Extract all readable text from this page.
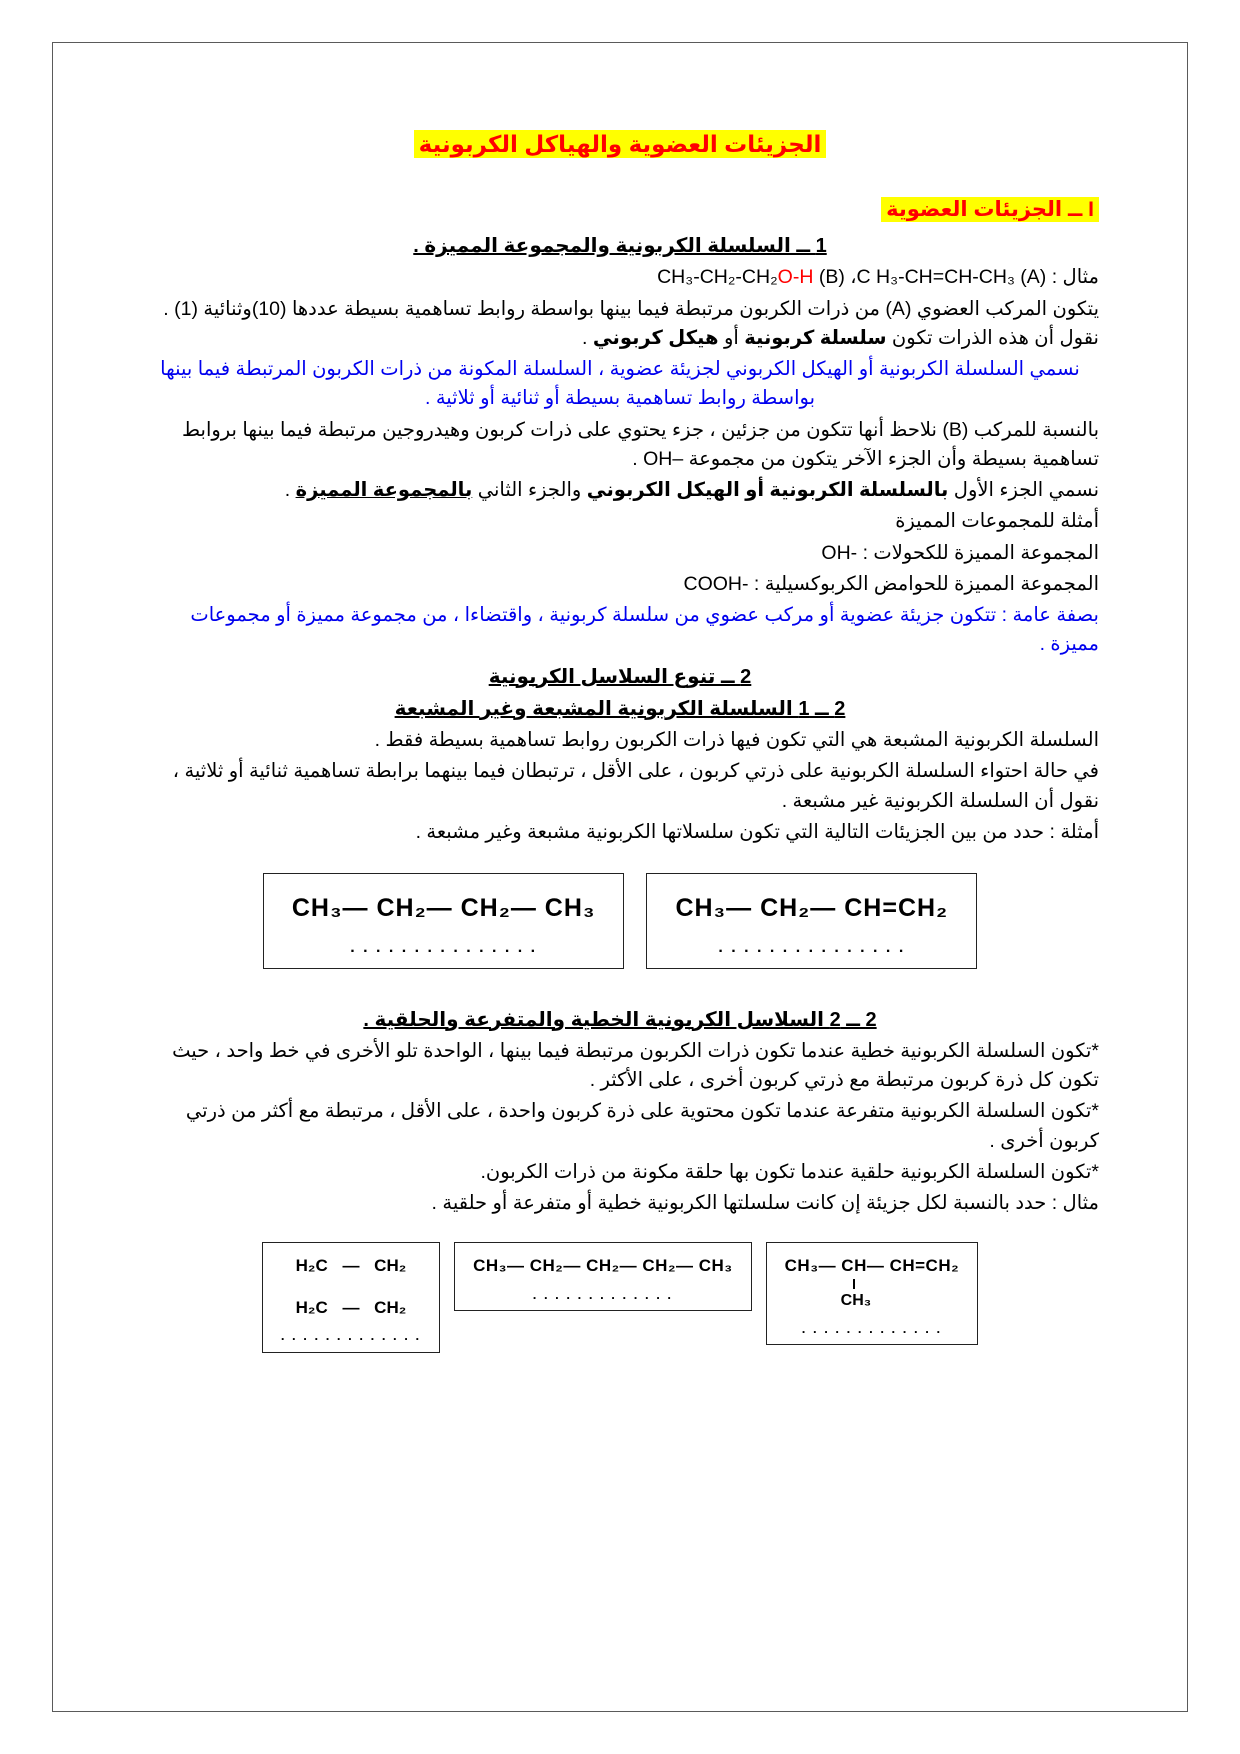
الجزيئات العضوية والهياكل الكربونية
I ــ الجزيئات العضوية
1 ــ السلسلة الكربونية والمجموعة المميزة .

مثال : C H₃-CH=CH-CH₃ (A)، CH₃-CH₂-CH₂O-H (B)

يتكون المركب العضوي (A) من ذرات الكربون مرتبطة فيما بينها بواسطة روابط تساهمية بسيطة عددها (10)وثنائية (1) . نقول أن هذه الذرات تكون سلسلة كربونية أو هيكل كربوني .

نسمي السلسلة الكربونية أو الهيكل الكربوني لجزيئة عضوية ، السلسلة المكونة من ذرات الكربون المرتبطة فيما بينها بواسطة روابط تساهمية بسيطة أو ثنائية أو ثلاثية .

بالنسبة للمركب (B) نلاحظ أنها تتكون من جزئين ، جزء يحتوي على ذرات كربون وهيدروجين مرتبطة فيما بينها بروابط تساهمية بسيطة وأن الجزء الآخر يتكون من مجموعة OH– .

نسمي الجزء الأول بالسلسلة الكربونية أو الهيكل الكربوني والجزء الثاني بالمجموعة المميزة .

أمثلة للمجموعات المميزة

المجموعة المميزة للكحولات : OH-

المجموعة المميزة للحوامض الكربوكسيلية : COOH-

بصفة عامة : تتكون جزيئة عضوية أو مركب عضوي من سلسلة كربونية ، واقتضاءا ، من مجموعة مميزة أو مجموعات مميزة .

2 ــ تنوع السلاسل الكربونية
2 ــ 1 السلسلة الكربونية المشبعة وغير المشبعة

السلسلة الكربونية المشبعة هي التي تكون فيها ذرات الكربون روابط تساهمية بسيطة فقط .

في حالة احتواء السلسلة الكربونية على ذرتي كربون ، على الأقل ، ترتبطان فيما بينهما برابطة تساهمية ثنائية أو ثلاثية ، نقول أن السلسلة الكربونية غير مشبعة .

أمثلة : حدد من بين الجزيئات التالية التي تكون سلسلاتها الكربونية مشبعة وغير مشبعة .

CH₃— CH₂— CH₂— CH₃
. . . . . . . . . . . . . . .
CH₃— CH₂— CH=CH₂
. . . . . . . . . . . . . . .
2 ــ 2 السلاسل الكربونية الخطية والمتفرعة والحلقية .

*تكون السلسلة الكربونية خطية عندما تكون ذرات الكربون مرتبطة فيما بينها ، الواحدة تلو الأخرى في خط واحد ، حيث تكون كل ذرة كربون مرتبطة مع ذرتي كربون أخرى ، على الأكثر .

*تكون السلسلة الكربونية متفرعة عندما تكون محتوية على ذرة كربون واحدة ، على الأقل ، مرتبطة مع أكثر من ذرتي كربون أخرى .

*تكون السلسلة الكربونية حلقية عندما تكون بها حلقة مكونة من ذرات الكربون.

مثال : حدد بالنسبة لكل جزيئة إن كانت سلسلتها الكربونية خطية أو متفرعة أو حلقية .

H₂C — CH₂
H₂C — CH₂
. . . . . . . . . . . . .
CH₃— CH₂— CH₂— CH₂— CH₃
. . . . . . . . . . . . .
CH₃— CH— CH=CH₂
CH₃
. . . . . . . . . . . . .
